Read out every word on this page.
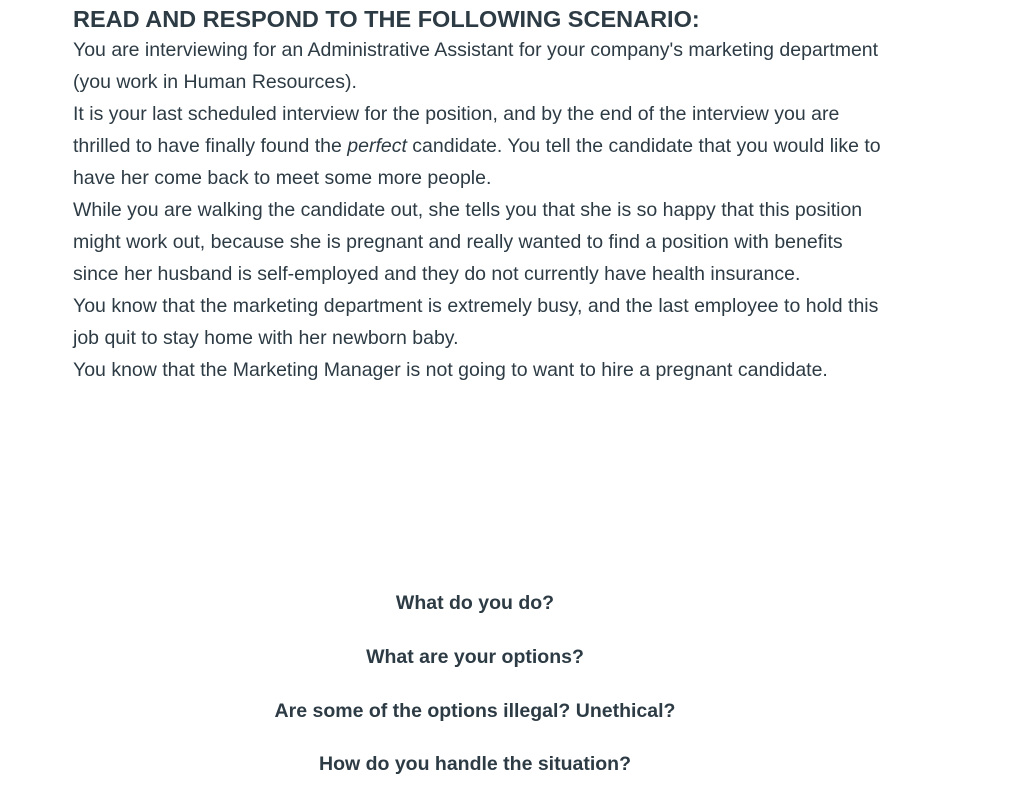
READ AND RESPOND TO THE FOLLOWING SCENARIO:

You are interviewing for an Administrative Assistant for your company's marketing department (you work in Human Resources).

It is your last scheduled interview for the position, and by the end of the interview you are thrilled to have finally found the perfect candidate. You tell the candidate that you would like to have her come back to meet some more people.

While you are walking the candidate out, she tells you that she is so happy that this position might work out, because she is pregnant and really wanted to find a position with benefits since her husband is self-employed and they do not currently have health insurance.

You know that the marketing department is extremely busy, and the last employee to hold this job quit to stay home with her newborn baby.

You know that the Marketing Manager is not going to want to hire a pregnant candidate.

What do you do?

What are your options?

Are some of the options illegal? Unethical?

How do you handle the situation?
